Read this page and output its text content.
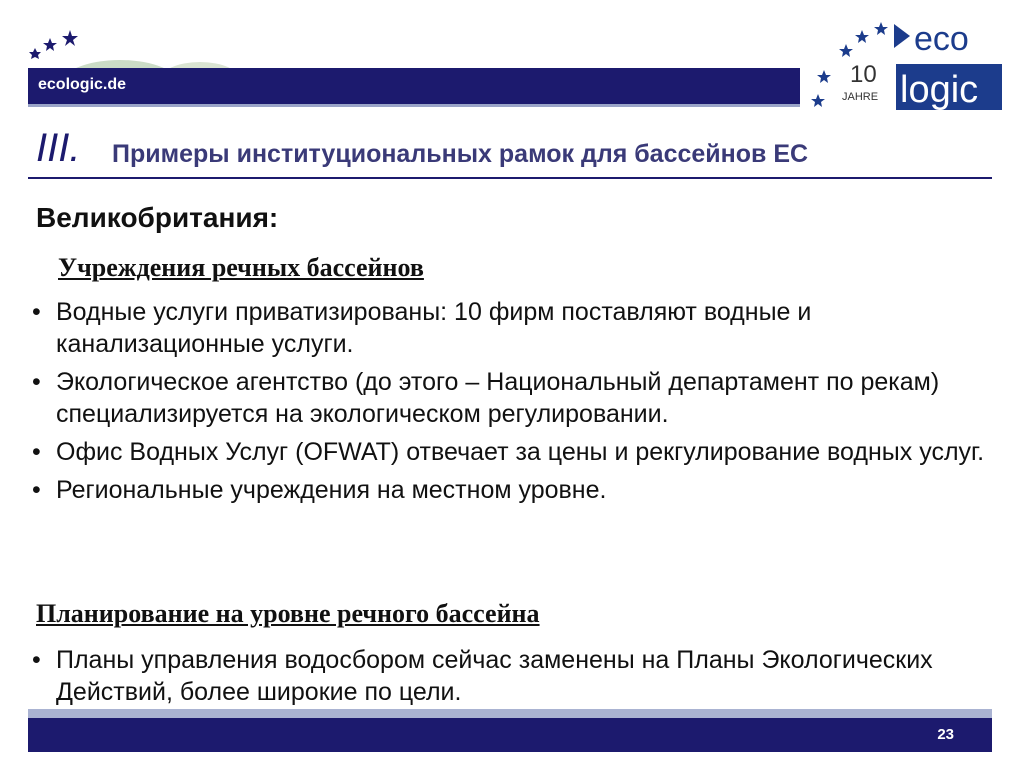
ecologic.de
eco
10
JAHRE logic
III. Примеры институциональных рамок для бассейнов ЕС
Великобритания:
Учреждения речных бассейнов
• Водные услуги приватизированы: 10 фирм поставляют водные и канализационные услуги.
• Экологическое агентство (до этого – Национальный департамент по рекам) специализируется на экологическом регулировании.
• Офис Водных Услуг (OFWAT) отвечает за цены и рекгулирование водных услуг.
• Региональные учреждения на местном уровне.
Планирование на уровне речного бассейна
• Планы управления водосбором сейчас заменены на Планы Экологических Действий, более широкие по цели.
23
